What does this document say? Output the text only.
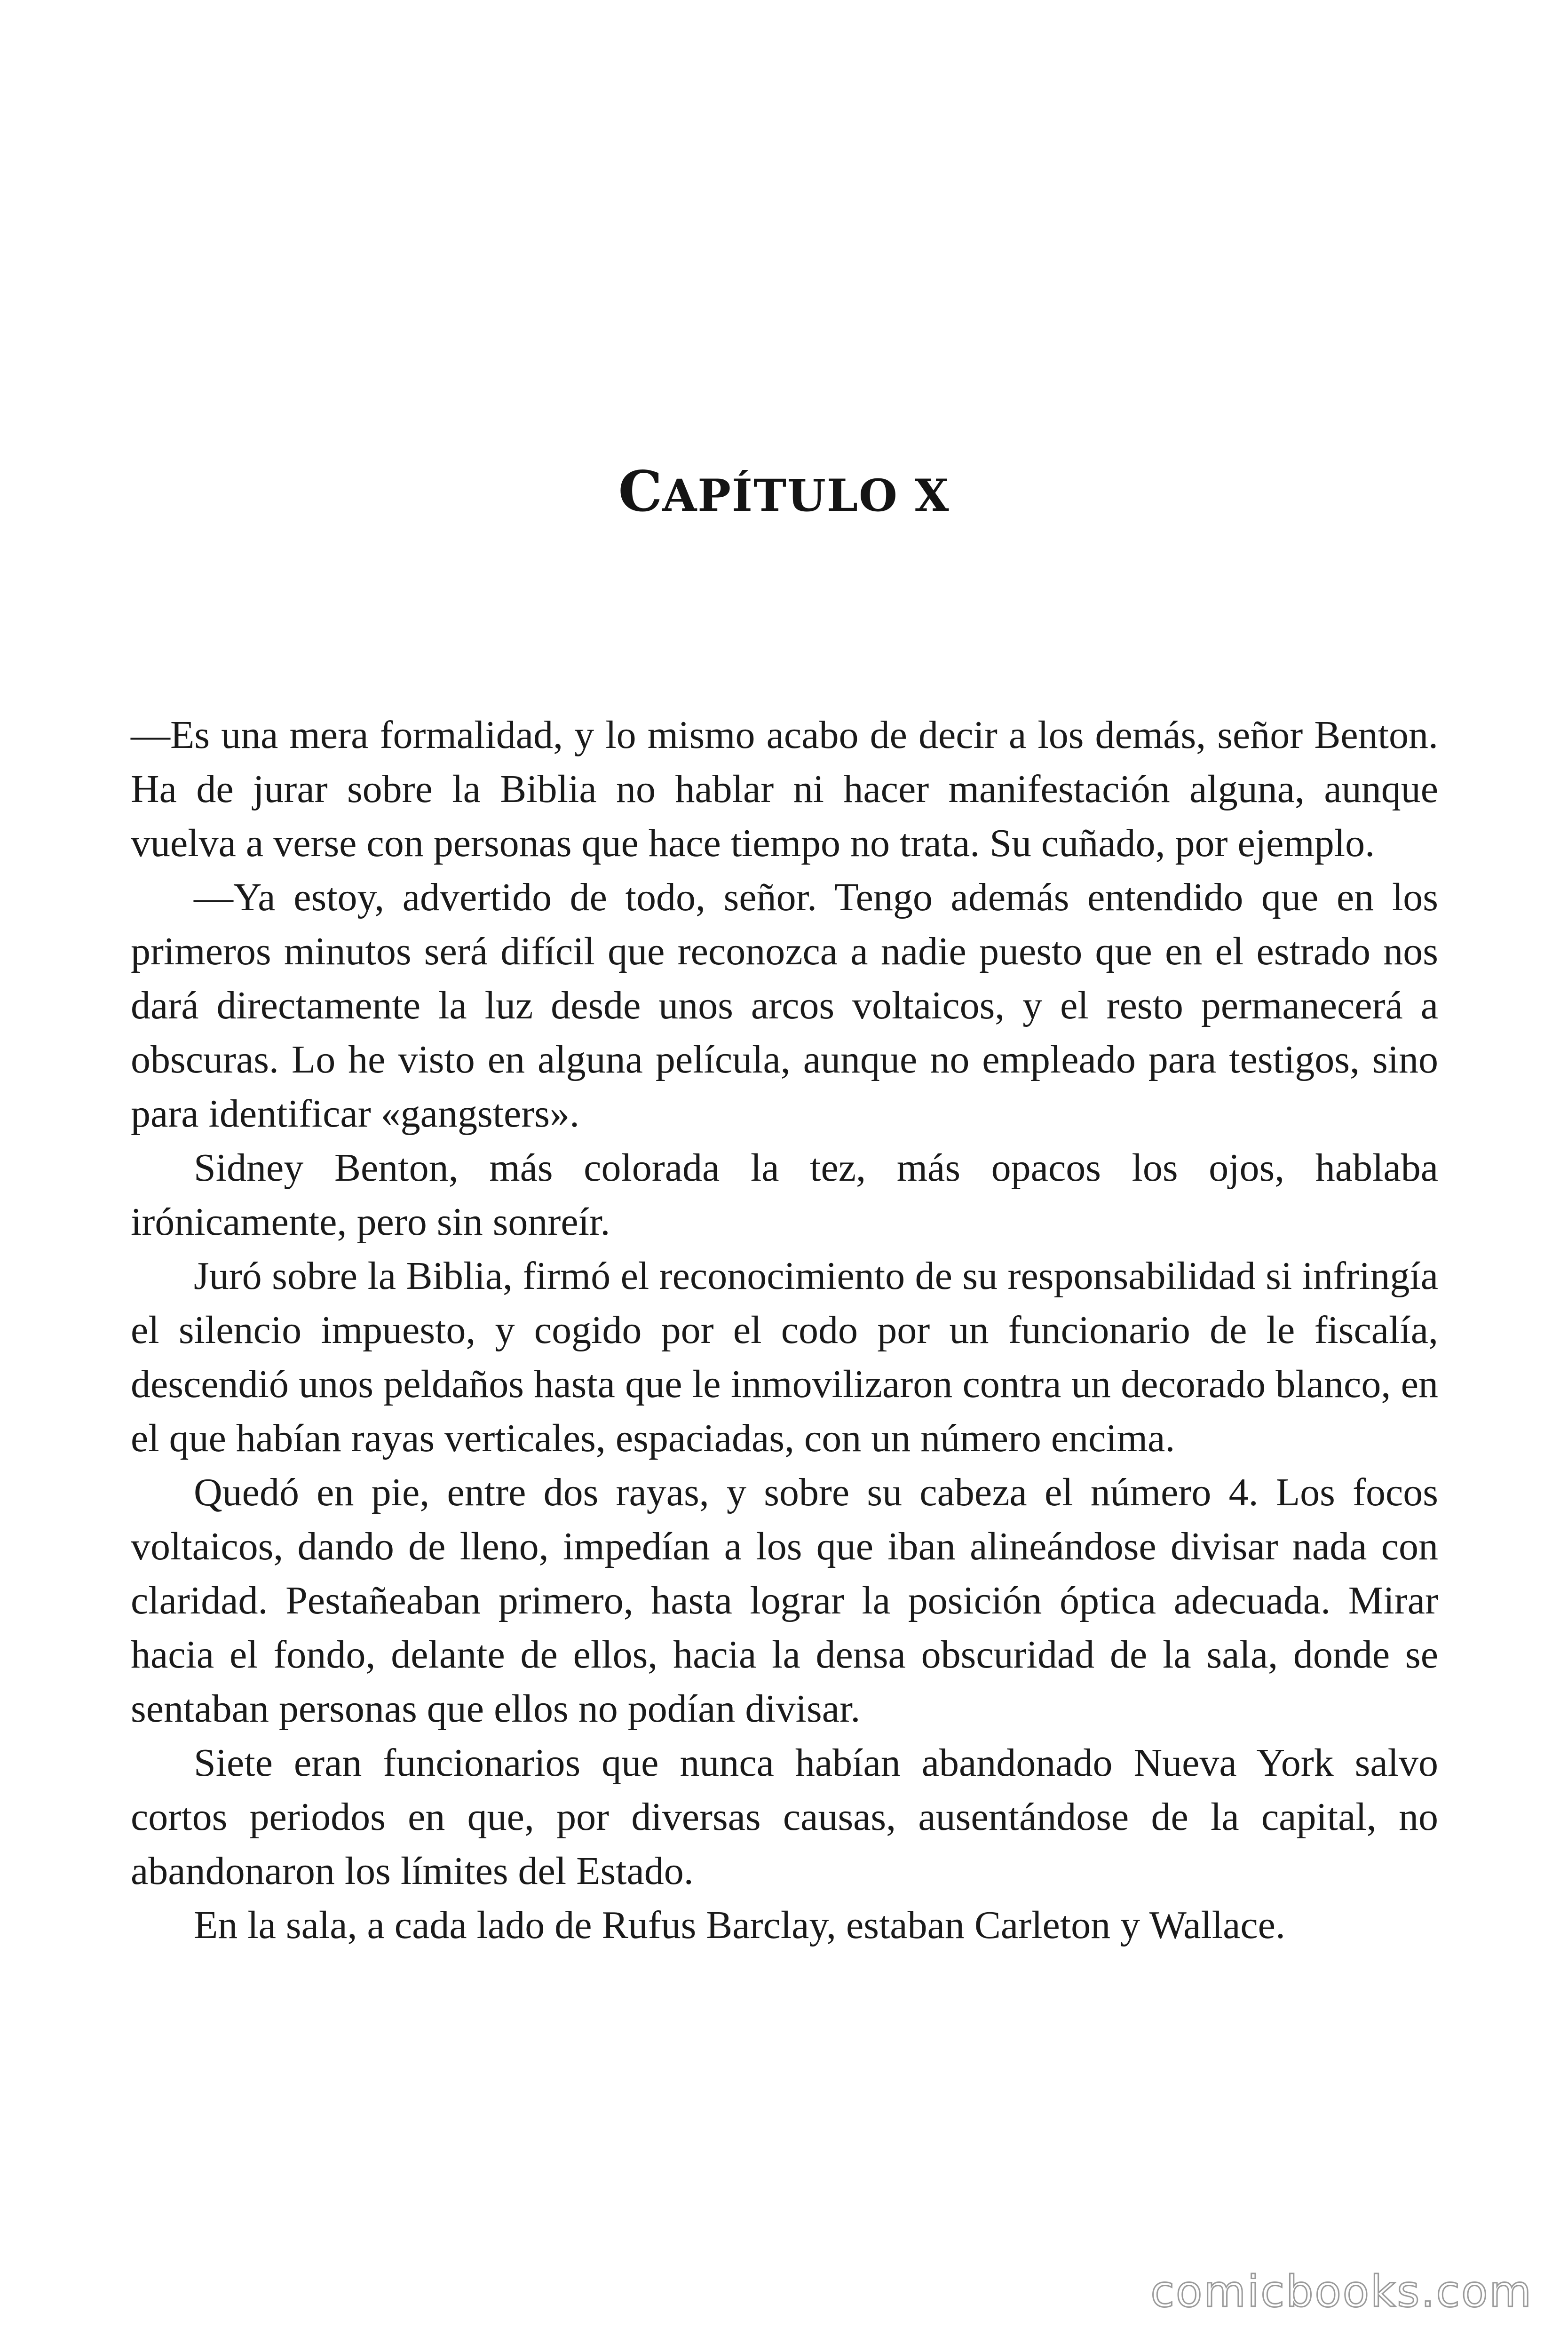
CAPÍTULO X

—Es una mera formalidad, y lo mismo acabo de decir a los demás, señor Benton. Ha de jurar sobre la Biblia no hablar ni hacer manifestación alguna, aunque vuelva a verse con personas que hace tiempo no trata. Su cuñado, por ejemplo.

—Ya estoy, advertido de todo, señor. Tengo además entendido que en los primeros minutos será difícil que reconozca a nadie puesto que en el estrado nos dará directamente la luz desde unos arcos voltaicos, y el resto permanecerá a obscuras. Lo he visto en alguna película, aunque no empleado para testigos, sino para identificar «gangsters».

Sidney Benton, más colorada la tez, más opacos los ojos, hablaba irónicamente, pero sin sonreír.

Juró sobre la Biblia, firmó el reconocimiento de su responsabilidad si infringía el silencio impuesto, y cogido por el codo por un funcionario de le fiscalía, descendió unos peldaños hasta que le inmovilizaron contra un decorado blanco, en el que habían rayas verticales, espaciadas, con un número encima.

Quedó en pie, entre dos rayas, y sobre su cabeza el número 4. Los focos voltaicos, dando de lleno, impedían a los que iban alineándose divisar nada con claridad. Pestañeaban primero, hasta lograr la posición óptica adecuada. Mirar hacia el fondo, delante de ellos, hacia la densa obscuridad de la sala, donde se sentaban personas que ellos no podían divisar.

Siete eran funcionarios que nunca habían abandonado Nueva York salvo cortos periodos en que, por diversas causas, ausentándose de la capital, no abandonaron los límites del Estado.

En la sala, a cada lado de Rufus Barclay, estaban Carleton y Wallace.

comicbooks.com
